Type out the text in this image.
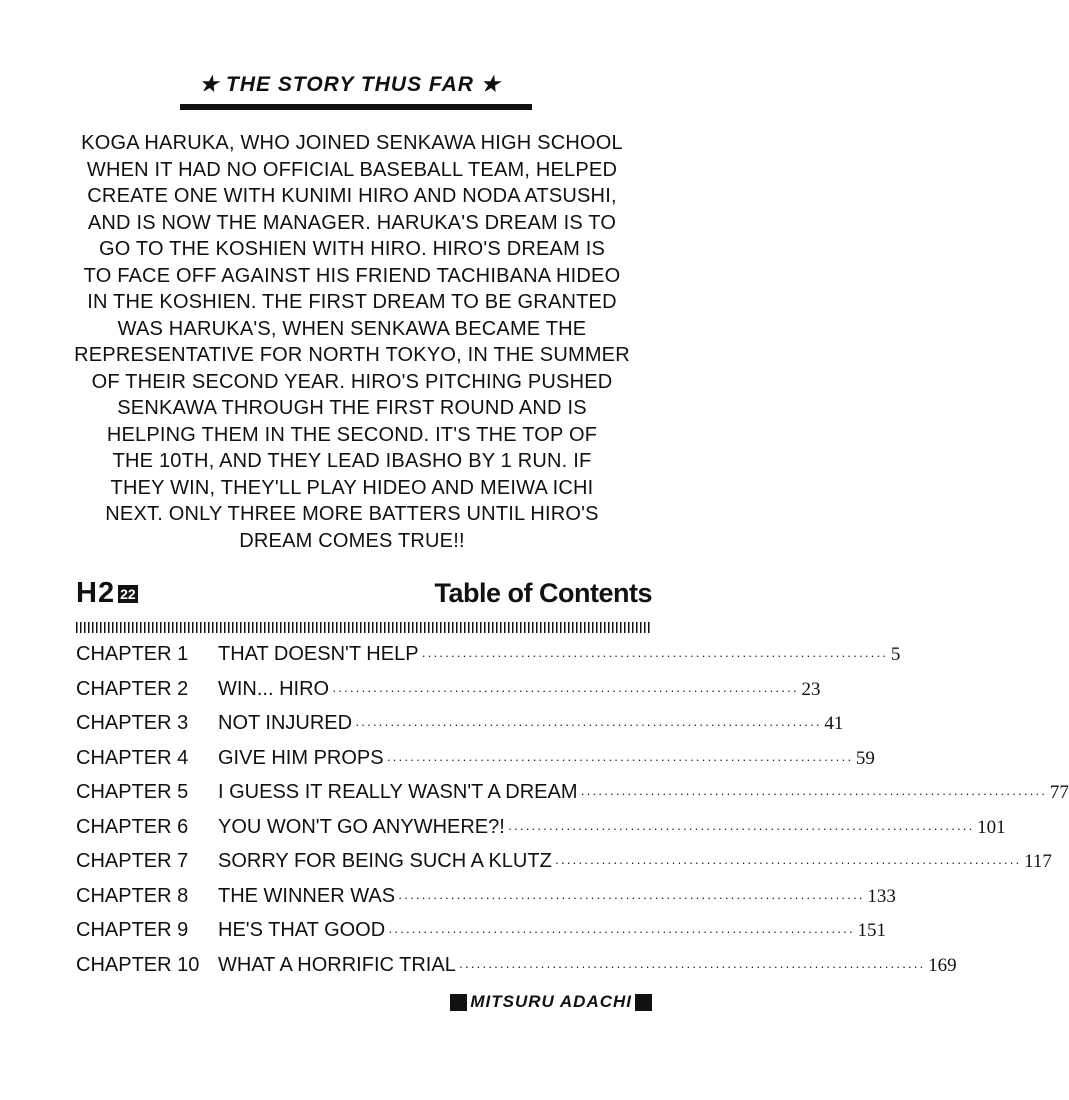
★ THE STORY THUS FAR ★
KOGA HARUKA, WHO JOINED SENKAWA HIGH SCHOOL
WHEN IT HAD NO OFFICIAL BASEBALL TEAM, HELPED
CREATE ONE WITH KUNIMI HIRO AND NODA ATSUSHI,
AND IS NOW THE MANAGER. HARUKA'S DREAM IS TO
GO TO THE KOSHIEN WITH HIRO. HIRO'S DREAM IS
TO FACE OFF AGAINST HIS FRIEND TACHIBANA HIDEO
IN THE KOSHIEN. THE FIRST DREAM TO BE GRANTED
WAS HARUKA'S, WHEN SENKAWA BECAME THE
REPRESENTATIVE FOR NORTH TOKYO, IN THE SUMMER
OF THEIR SECOND YEAR. HIRO'S PITCHING PUSHED
SENKAWA THROUGH THE FIRST ROUND AND IS
HELPING THEM IN THE SECOND. IT'S THE TOP OF
THE 10TH, AND THEY LEAD IBASHO BY 1 RUN. IF
THEY WIN, THEY'LL PLAY HIDEO AND MEIWA ICHI
NEXT. ONLY THREE MORE BATTERS UNTIL HIRO'S
DREAM COMES TRUE!!
H2 22	Table of Contents
CHAPTER 1	THAT DOESN'T HELP ················································································ 5
CHAPTER 2	WIN... HIRO ················································································ 23
CHAPTER 3	NOT INJURED ················································································ 41
CHAPTER 4	GIVE HIM PROPS ················································································ 59
CHAPTER 5	I GUESS IT REALLY WASN'T A DREAM ················································································ 77
CHAPTER 6	YOU WON'T GO ANYWHERE?! ················································································ 101
CHAPTER 7	SORRY FOR BEING SUCH A KLUTZ ················································································ 117
CHAPTER 8	THE WINNER WAS ················································································ 133
CHAPTER 9	HE'S THAT GOOD ················································································ 151
CHAPTER 10 WHAT A HORRIFIC TRIAL ················································································ 169
MITSURU ADACHI
